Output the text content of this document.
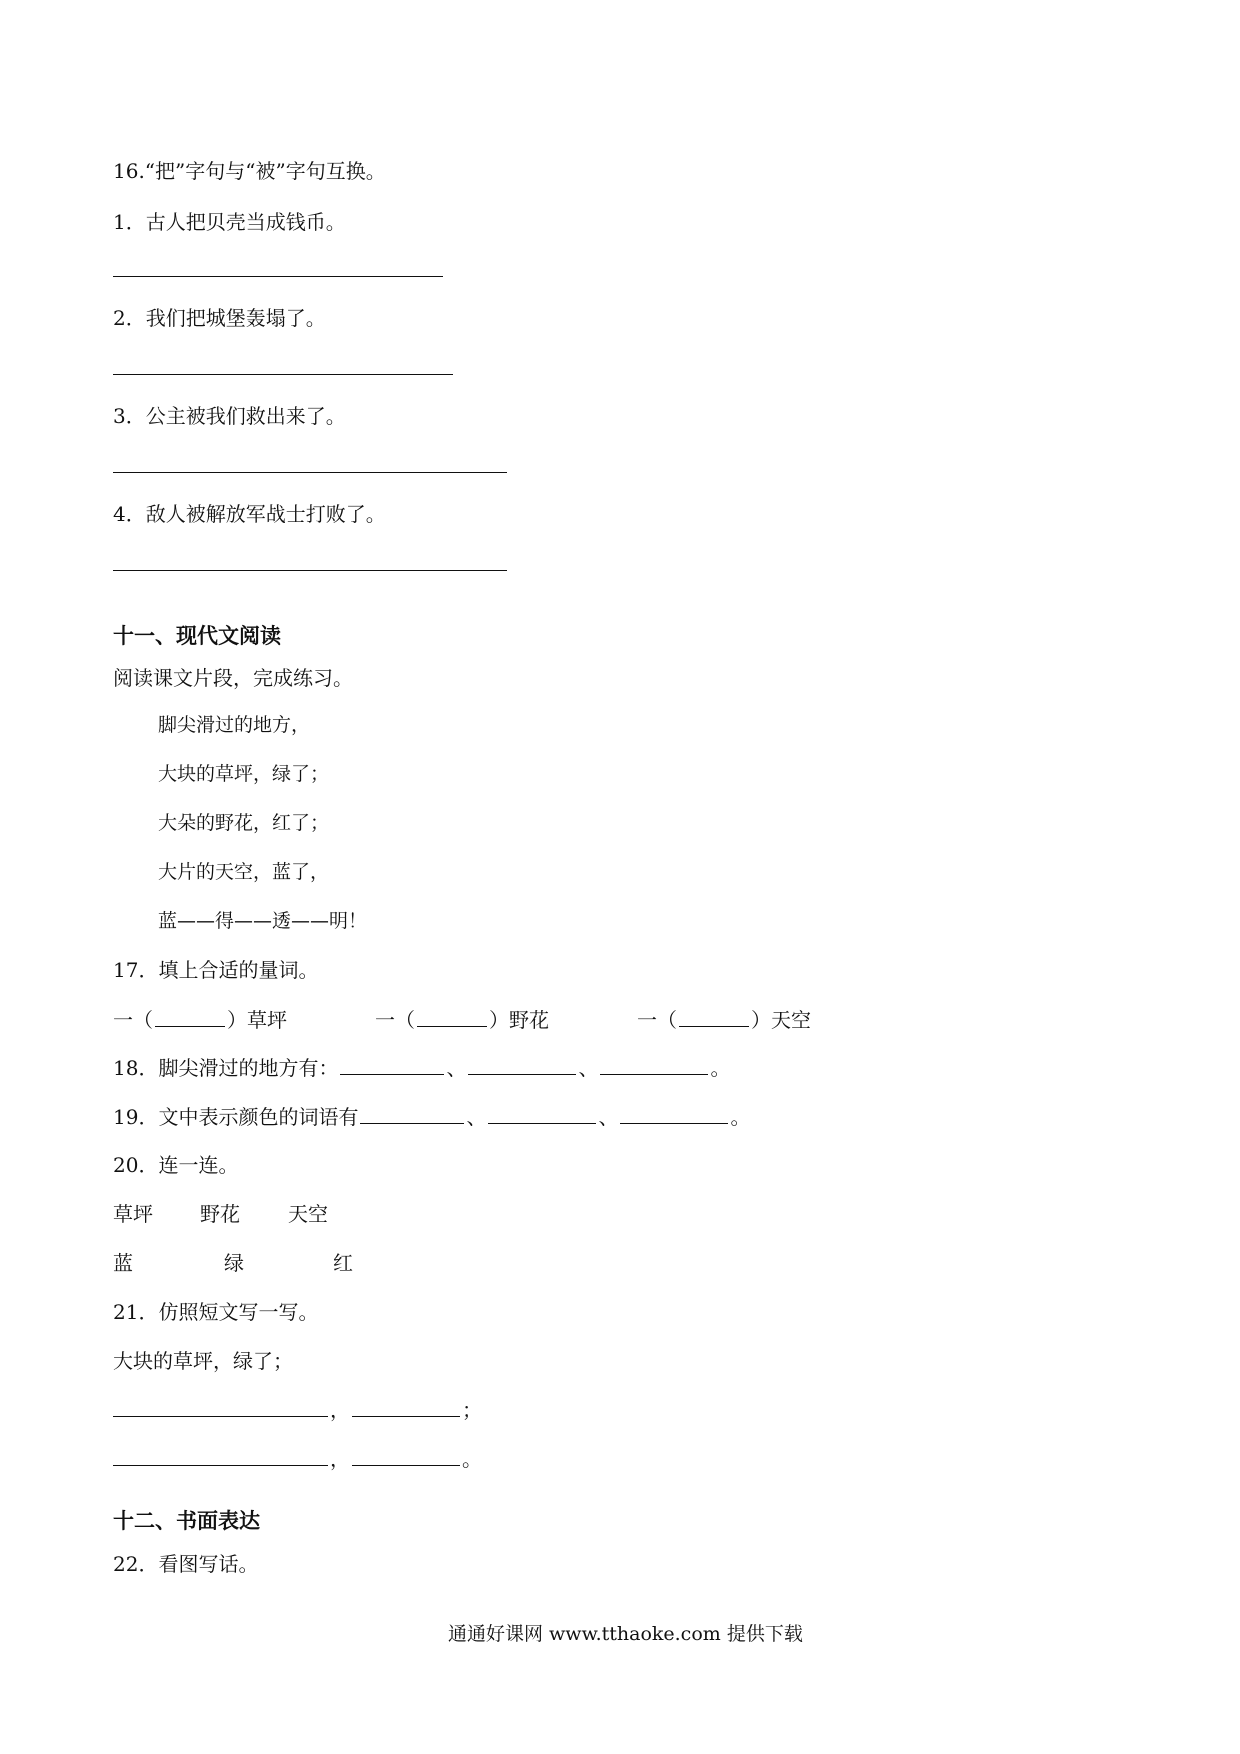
16.“把”字句与“被”字句互换。
1．古人把贝壳当成钱币。
2．我们把城堡轰塌了。
3．公主被我们救出来了。
4．敌人被解放军战士打败了。
十一、现代文阅读
阅读课文片段，完成练习。
脚尖滑过的地方，
大块的草坪，绿了；
大朵的野花，红了；
大片的天空，蓝了，
蓝——得——透——明！
17．填上合适的量词。
一（	）草坪	一（	）野花	一（	）天空
18．脚尖滑过的地方有：	、	、	。
19．文中表示颜色的词语有	、	、	。
20．连一连。
草坪 野花 天空
蓝	绿	红
21．仿照短文写一写。
大块的草坪，绿了；
，	；
，	。
十二、书面表达
22．看图写话。
通通好课网 www.tthaoke.com 提供下载
